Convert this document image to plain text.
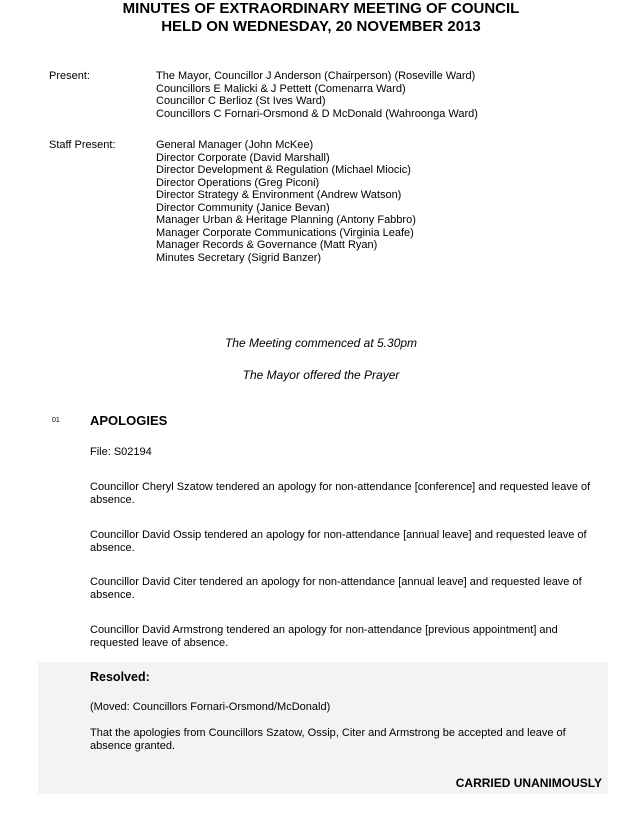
MINUTES OF EXTRAORDINARY MEETING OF COUNCIL
HELD ON WEDNESDAY, 20 NOVEMBER 2013
Present:	The Mayor, Councillor J Anderson (Chairperson) (Roseville Ward)
Councillors E Malicki & J Pettett (Comenarra Ward)
Councillor C Berlioz (St Ives Ward)
Councillors C Fornari-Orsmond & D McDonald (Wahroonga Ward)
Staff Present:	General Manager (John McKee)
Director Corporate (David Marshall)
Director Development & Regulation (Michael Miocic)
Director Operations (Greg Piconi)
Director Strategy & Environment (Andrew Watson)
Director Community (Janice Bevan)
Manager Urban & Heritage Planning (Antony Fabbro)
Manager Corporate Communications (Virginia Leafe)
Manager Records & Governance (Matt Ryan)
Minutes Secretary (Sigrid Banzer)
The Meeting commenced at 5.30pm
The Mayor offered the Prayer
01 APOLOGIES
File: S02194
Councillor Cheryl Szatow tendered an apology for non-attendance [conference] and requested leave of absence.
Councillor David Ossip tendered an apology for non-attendance [annual leave] and requested leave of absence.
Councillor David Citer tendered an apology for non-attendance [annual leave] and requested leave of absence.
Councillor David Armstrong tendered an apology for non-attendance [previous appointment] and requested leave of absence.
Resolved:
(Moved: Councillors Fornari-Orsmond/McDonald)
That the apologies from Councillors Szatow, Ossip, Citer and Armstrong be accepted and leave of absence granted.
CARRIED UNANIMOUSLY
